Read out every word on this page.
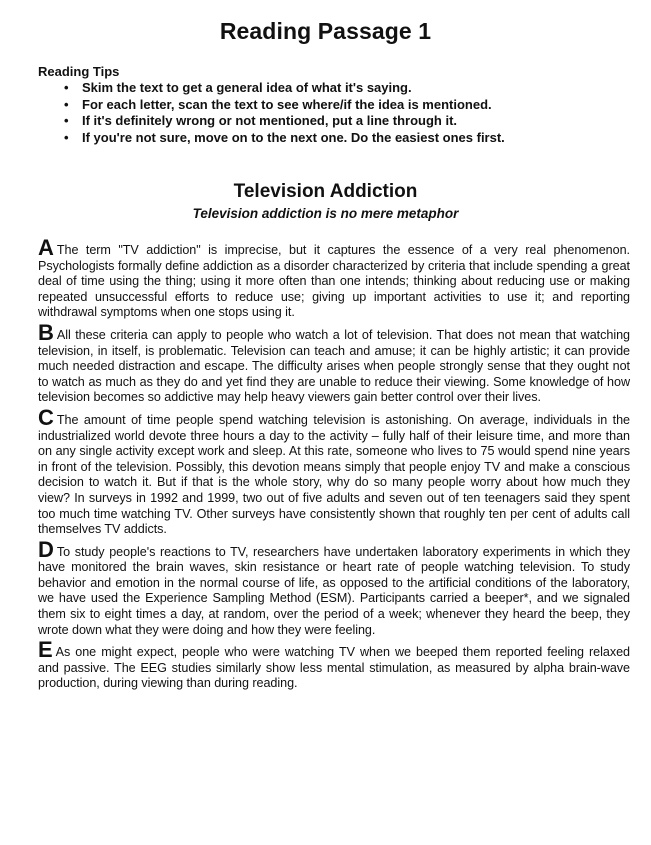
Reading Passage 1

Reading Tips

• Skim the text to get a general idea of what it's saying.
• For each letter, scan the text to see where/if the idea is mentioned.
• If it's definitely wrong or not mentioned, put a line through it.
• If you're not sure, move on to the next one. Do the easiest ones first.
Television Addiction

Television addiction is no mere metaphor

A The term "TV addiction" is imprecise, but it captures the essence of a very real phenomenon. Psychologists formally define addiction as a disorder characterized by criteria that include spending a great deal of time using the thing; using it more often than one intends; thinking about reducing use or making repeated unsuccessful efforts to reduce use; giving up important activities to use it; and reporting withdrawal symptoms when one stops using it.

B All these criteria can apply to people who watch a lot of television. That does not mean that watching television, in itself, is problematic. Television can teach and amuse; it can be highly artistic; it can provide much needed distraction and escape. The difficulty arises when people strongly sense that they ought not to watch as much as they do and yet find they are unable to reduce their viewing. Some knowledge of how television becomes so addictive may help heavy viewers gain better control over their lives.

C The amount of time people spend watching television is astonishing. On average, individuals in the industrialized world devote three hours a day to the activity – fully half of their leisure time, and more than on any single activity except work and sleep. At this rate, someone who lives to 75 would spend nine years in front of the television. Possibly, this devotion means simply that people enjoy TV and make a conscious decision to watch it. But if that is the whole story, why do so many people worry about how much they view? In surveys in 1992 and 1999, two out of five adults and seven out of ten teenagers said they spent too much time watching TV. Other surveys have consistently shown that roughly ten per cent of adults call themselves TV addicts.

D To study people's reactions to TV, researchers have undertaken laboratory experiments in which they have monitored the brain waves, skin resistance or heart rate of people watching television. To study behavior and emotion in the normal course of life, as opposed to the artificial conditions of the laboratory, we have used the Experience Sampling Method (ESM). Participants carried a beeper*, and we signaled them six to eight times a day, at random, over the period of a week; whenever they heard the beep, they wrote down what they were doing and how they were feeling.

E As one might expect, people who were watching TV when we beeped them reported feeling relaxed and passive. The EEG studies similarly show less mental stimulation, as measured by alpha brain-wave production, during viewing than during reading.
